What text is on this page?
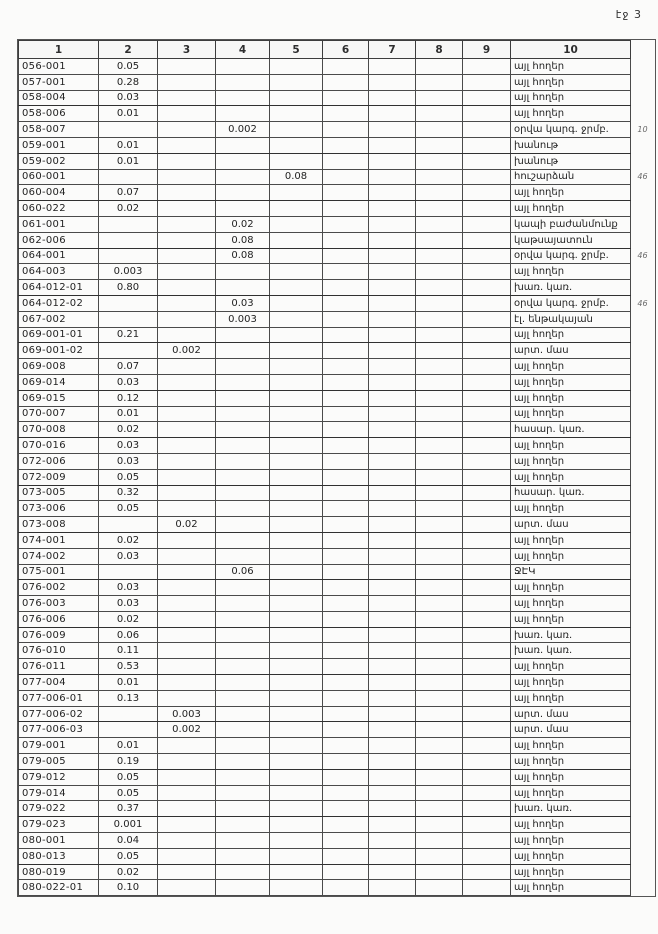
էջ 3
1	2	3	4	5	6	7	8	9	10	
056-001	0.05								այլ հողեր	
057-001	0.28								այլ հողեր	
058-004	0.03								այլ հողեր	
058-006	0.01								այլ հողեր	
058-007			0.002						օրվա կարգ. ջրմբ.	10
059-001	0.01								խանութ	
059-002	0.01								խանութ	
060-001				0.08					հուշարձան	46
060-004	0.07								այլ հողեր	
060-022	0.02								այլ հողեր	
061-001			0.02						կապի բաժանմունք	
062-006			0.08						կաթսայատուն	
064-001			0.08						օրվա կարգ. ջրմբ.	46
064-003	0.003								այլ հողեր	
064-012-01	0.80								խառ. կառ.	
064-012-02			0.03						օրվա կարգ. ջրմբ.	46
067-002			0.003						էլ. ենթակայան	
069-001-01	0.21								այլ հողեր	
069-001-02		0.002							արտ. մաս	
069-008	0.07								այլ հողեր	
069-014	0.03								այլ հողեր	
069-015	0.12								այլ հողեր	
070-007	0.01								այլ հողեր	
070-008	0.02								հասար. կառ.	
070-016	0.03								այլ հողեր	
072-006	0.03								այլ հողեր	
072-009	0.05								այլ հողեր	
073-005	0.32								հասար. կառ.	
073-006	0.05								այլ հողեր	
073-008		0.02							արտ. մաս	
074-001	0.02								այլ հողեր	
074-002	0.03								այլ հողեր	
075-001			0.06						ՋԷԿ	
076-002	0.03								այլ հողեր	
076-003	0.03								այլ հողեր	
076-006	0.02								այլ հողեր	
076-009	0.06								խառ. կառ.	
076-010	0.11								խառ. կառ.	
076-011	0.53								այլ հողեր	
077-004	0.01								այլ հողեր	
077-006-01	0.13								այլ հողեր	
077-006-02		0.003							արտ. մաս	
077-006-03		0.002							արտ. մաս	
079-001	0.01								այլ հողեր	
079-005	0.19								այլ հողեր	
079-012	0.05								այլ հողեր	
079-014	0.05								այլ հողեր	
079-022	0.37								խառ. կառ.	
079-023	0.001								այլ հողեր	
080-001	0.04								այլ հողեր	
080-013	0.05								այլ հողեր	
080-019	0.02								այլ հողեր	
080-022-01	0.10								այլ հողեր	
